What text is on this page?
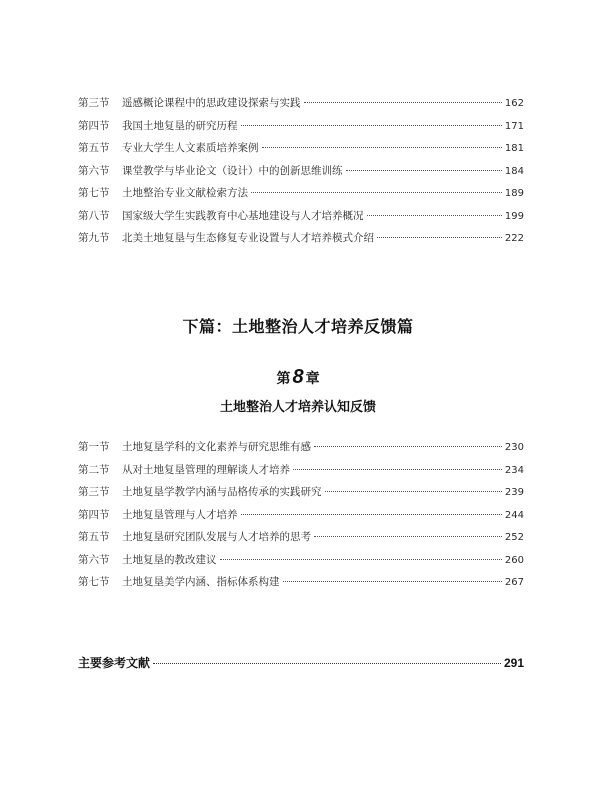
第三节	遥感概论课程中的思政建设探索与实践	162
第四节	我国土地复垦的研究历程	171
第五节	专业大学生人文素质培养案例	181
第六节	课堂教学与毕业论文（设计）中的创新思维训练	184
第七节	土地整治专业文献检索方法	189
第八节	国家级大学生实践教育中心基地建设与人才培养概况	199
第九节	北美土地复垦与生态修复专业设置与人才培养模式介绍	222
下篇：土地整治人才培养反馈篇
第 8 章
土地整治人才培养认知反馈
第一节	土地复垦学科的文化素养与研究思维有感	230
第二节	从对土地复垦管理的理解谈人才培养	234
第三节	土地复垦学教学内涵与品格传承的实践研究	239
第四节	土地复垦管理与人才培养	244
第五节	土地复垦研究团队发展与人才培养的思考	252
第六节	土地复垦的教改建议	260
第七节	土地复垦美学内涵、指标体系构建	267
主要参考文献	291
